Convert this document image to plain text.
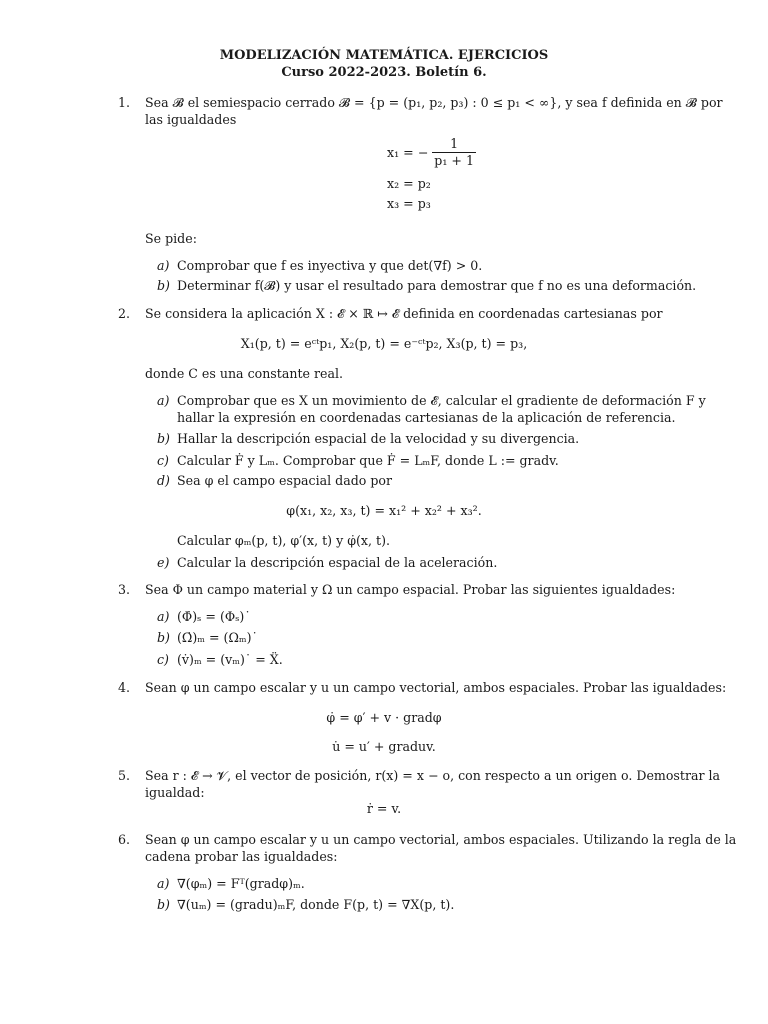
MODELIZACIÓN MATEMÁTICA. EJERCICIOS
Curso 2022-2023. Boletín 6.
1. Sea 𝓑 el semiespacio cerrado 𝓑 = {p = (p₁, p₂, p₃) : 0 ≤ p₁ < ∞}, y sea f definida en 𝓑 por
las igualdades
x₁ = − $\frac{1}{\text{p₁ + 1}}$
x₂ = p₂
x₃ = p₃
Se pide:
a) Comprobar que f es inyectiva y que det(∇f) > 0.
b) Determinar f(𝓑) y usar el resultado para demostrar que f no es una deformación.
2. Se considera la aplicación X : 𝓔 × ℝ ↦ 𝓔 definida en coordenadas cartesianas por
X₁(p, t) = eᶜᵗp₁, X₂(p, t) = e⁻ᶜᵗp₂, X₃(p, t) = p₃,
donde C es una constante real.
a) Comprobar que es X un movimiento de 𝓔, calcular el gradiente de deformación F y
hallar la expresión en coordenadas cartesianas de la aplicación de referencia.
b) Hallar la descripción espacial de la velocidad y su divergencia.
c) Calcular Ḟ y Lₘ. Comprobar que Ḟ = LₘF, donde L := gradv.
d) Sea φ el campo espacial dado por
φ(x₁, x₂, x₃, t) = x₁² + x₂² + x₃².
Calcular φₘ(p, t), φ′(x, t) y φ̇(x, t).
e) Calcular la descripción espacial de la aceleración.
3. Sea Φ un campo material y Ω un campo espacial. Probar las siguientes igualdades:
a) (Φ̇)ₛ = (Φₛ)˙
b) (Ω̇)ₘ = (Ωₘ)˙
c) (v̇)ₘ = (vₘ)˙ = Ẍ.
4. Sean φ un campo escalar y u un campo vectorial, ambos espaciales. Probar las igualdades:
φ̇ = φ′ + v · gradφ
u̇ = u′ + graduv.
5. Sea r : 𝓔 → 𝓥, el vector de posición, r(x) = x − o, con respecto a un origen o. Demostrar la
igualdad:
ṙ = v.
6. Sean φ un campo escalar y u un campo vectorial, ambos espaciales. Utilizando la regla de la
cadena probar las igualdades:
a) ∇(φₘ) = Fᵀ(gradφ)ₘ.
b) ∇(uₘ) = (gradu)ₘF, donde F(p, t) = ∇X(p, t).
